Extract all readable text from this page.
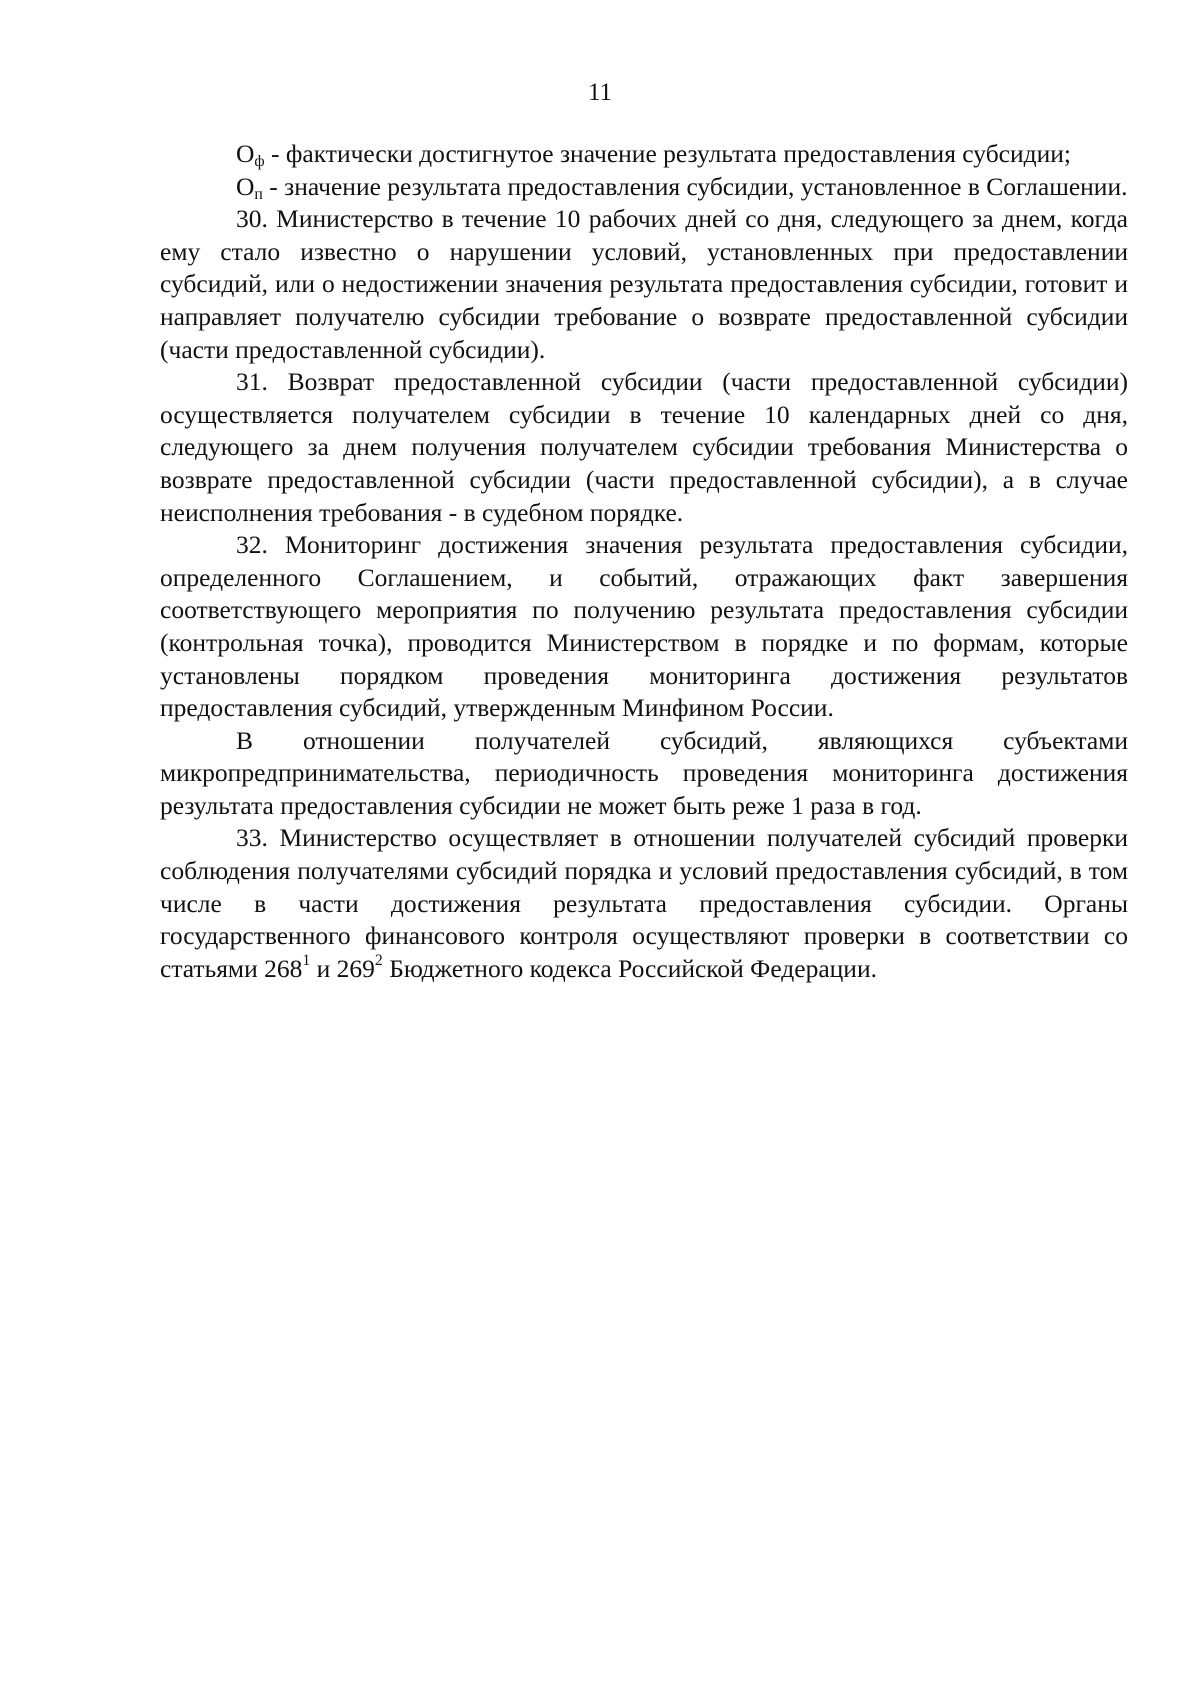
11

$О_ф$ - фактически достигнутое значение результата предоставления субсидии;

$О_п$ - значение результата предоставления субсидии, установленное в Соглашении.

30. Министерство в течение 10 рабочих дней со дня, следующего за днем, когда ему стало известно о нарушении условий, установленных при предоставлении субсидий, или о недостижении значения результата предоставления субсидии, готовит и направляет получателю субсидии требование о возврате предоставленной субсидии (части предоставленной субсидии).

31. Возврат предоставленной субсидии (части предоставленной субсидии) осуществляется получателем субсидии в течение 10 календарных дней со дня, следующего за днем получения получателем субсидии требования Министерства о возврате предоставленной субсидии (части предоставленной субсидии), а в случае неисполнения требования - в судебном порядке.

32. Мониторинг достижения значения результата предоставления субсидии, определенного Соглашением, и событий, отражающих факт завершения соответствующего мероприятия по получению результата предоставления субсидии (контрольная точка), проводится Министерством в порядке и по формам, которые установлены порядком проведения мониторинга достижения результатов предоставления субсидий, утвержденным Минфином России.

В отношении получателей субсидий, являющихся субъектами микропредпринимательства, периодичность проведения мониторинга достижения результата предоставления субсидии не может быть реже 1 раза в год.

33. Министерство осуществляет в отношении получателей субсидий проверки соблюдения получателями субсидий порядка и условий предоставления субсидий, в том числе в части достижения результата предоставления субсидии. Органы государственного финансового контроля осуществляют проверки в соответствии со статьями $268^1$ и $269^2$ Бюджетного кодекса Российской Федерации.
